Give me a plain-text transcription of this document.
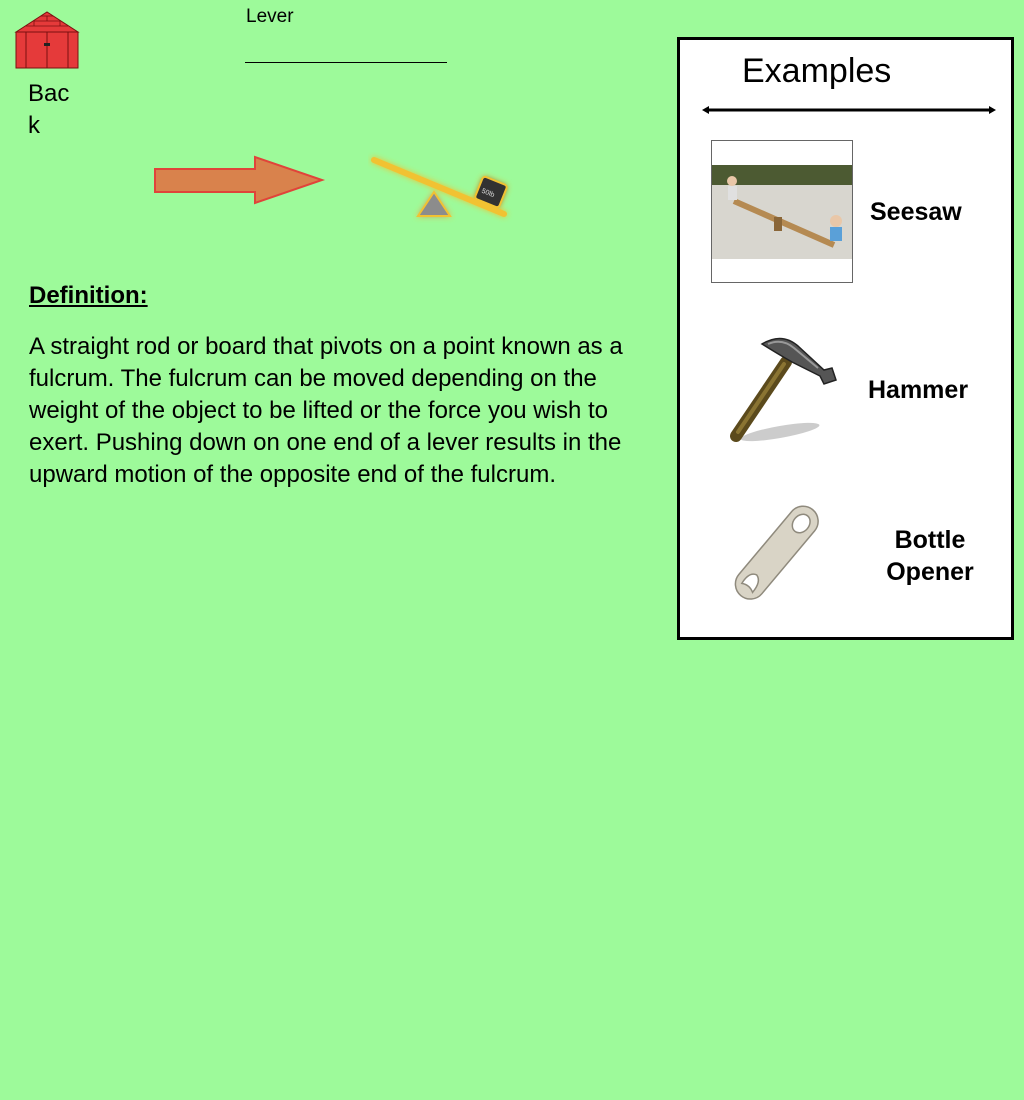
Back
Lever
50lb
Definition:
A straight rod or board that pivots on a point known as a fulcrum. The fulcrum can be moved depending on the weight of the object to be lifted or the force you wish to exert. Pushing down on one end of a lever results in the upward motion of the opposite end of the fulcrum.
Examples
Seesaw
Hammer
Bottle Opener
